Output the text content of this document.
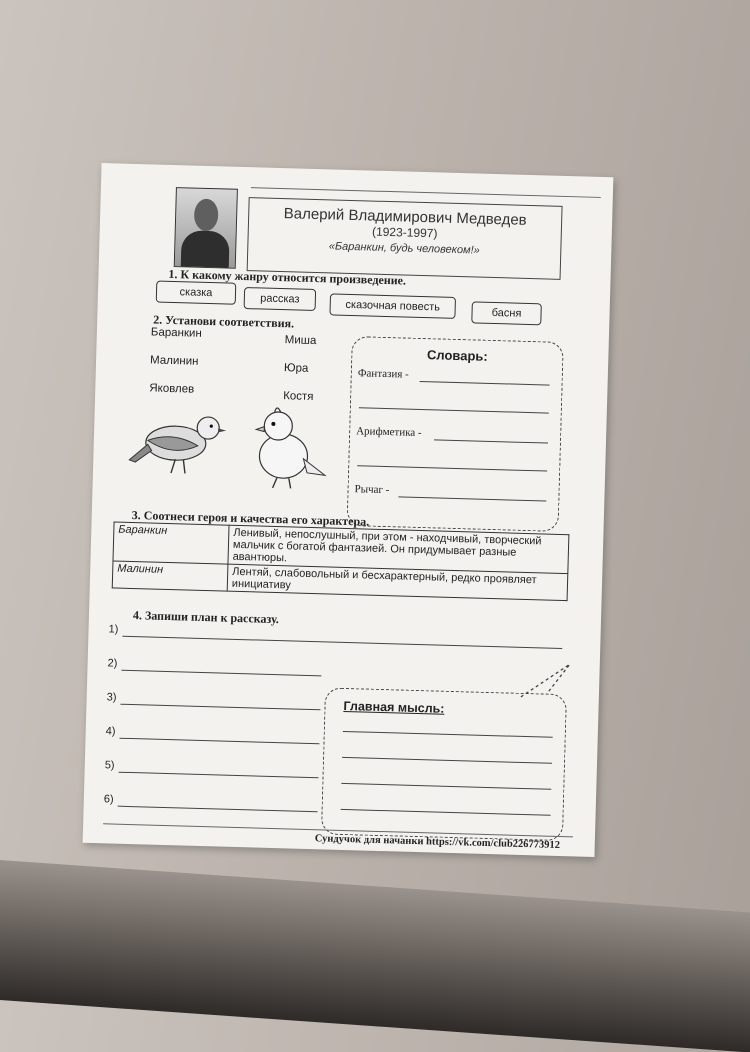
Валерий Владимирович Медведев
(1923-1997)
«Баранкин, будь человеком!»
1. К какому жанру относится произведение.
сказка	рассказ	сказочная повесть	басня
2. Установи соответствия.
Баранкин
Малинин
Яковлев
Миша
Юра
Костя
Словарь:
Фантазия -
Арифметика -
Рычаг -
3. Соотнеси героя и качества его характера.
Баранкин	Ленивый, непослушный, при этом - находчивый, творческий мальчик с богатой фантазией. Он придумывает разные авантюры.
Малинин	Лентяй, слабовольный и бесхарактерный, редко проявляет инициативу
4. Запиши план к рассказу.
1)
2)
3)
4)
5)
6)
Главная мысль:
Сундучок для начанки https://vk.com/club226773912
